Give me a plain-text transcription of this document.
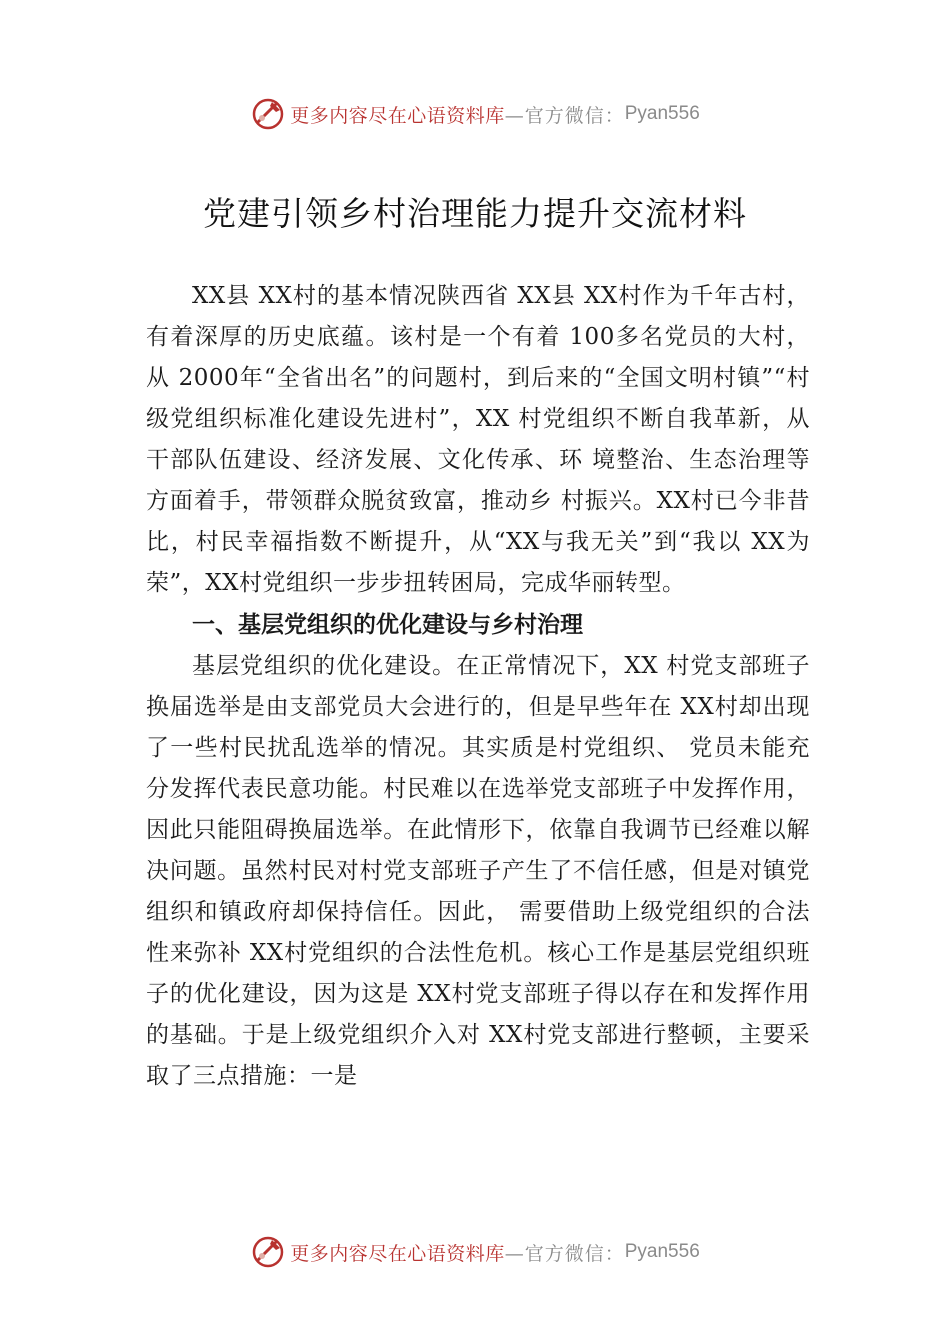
更多内容尽在心语资料库 —官方微信： Pyan556
党建引领乡村治理能力提升交流材料

XX县 XX村的基本情况陕西省 XX县 XX村作为千年古村，有着深厚的历史底蕴。该村是一个有着 100多名党员的大村，从 2000年“全省出名”的问题村，到后来的“全国文明村镇”“村级党组织标准化建设先进村”，XX 村党组织不断自我革新，从干部队伍建设、经济发展、文化传承、环 境整治、生态治理等方面着手，带领群众脱贫致富，推动乡 村振兴。XX村已今非昔比，村民幸福指数不断提升，从“XX与我无关”到“我以 XX为荣”，XX村党组织一步步扭转困局，完成华丽转型。

一、基层党组织的优化建设与乡村治理

基层党组织的优化建设。在正常情况下，XX 村党支部班子换届选举是由支部党员大会进行的，但是早些年在 XX村却出现了一些村民扰乱选举的情况。其实质是村党组织、 党员未能充分发挥代表民意功能。村民难以在选举党支部班子中发挥作用，因此只能阻碍换届选举。在此情形下，依靠自我调节已经难以解决问题。虽然村民对村党支部班子产生了不信任感，但是对镇党组织和镇政府却保持信任。因此， 需要借助上级党组织的合法性来弥补 XX村党组织的合法性危机。核心工作是基层党组织班子的优化建设，因为这是 XX村党支部班子得以存在和发挥作用的基础。于是上级党组织介入对 XX村党支部进行整顿，主要采取了三点措施：一是

更多内容尽在心语资料库 —官方微信： Pyan556
